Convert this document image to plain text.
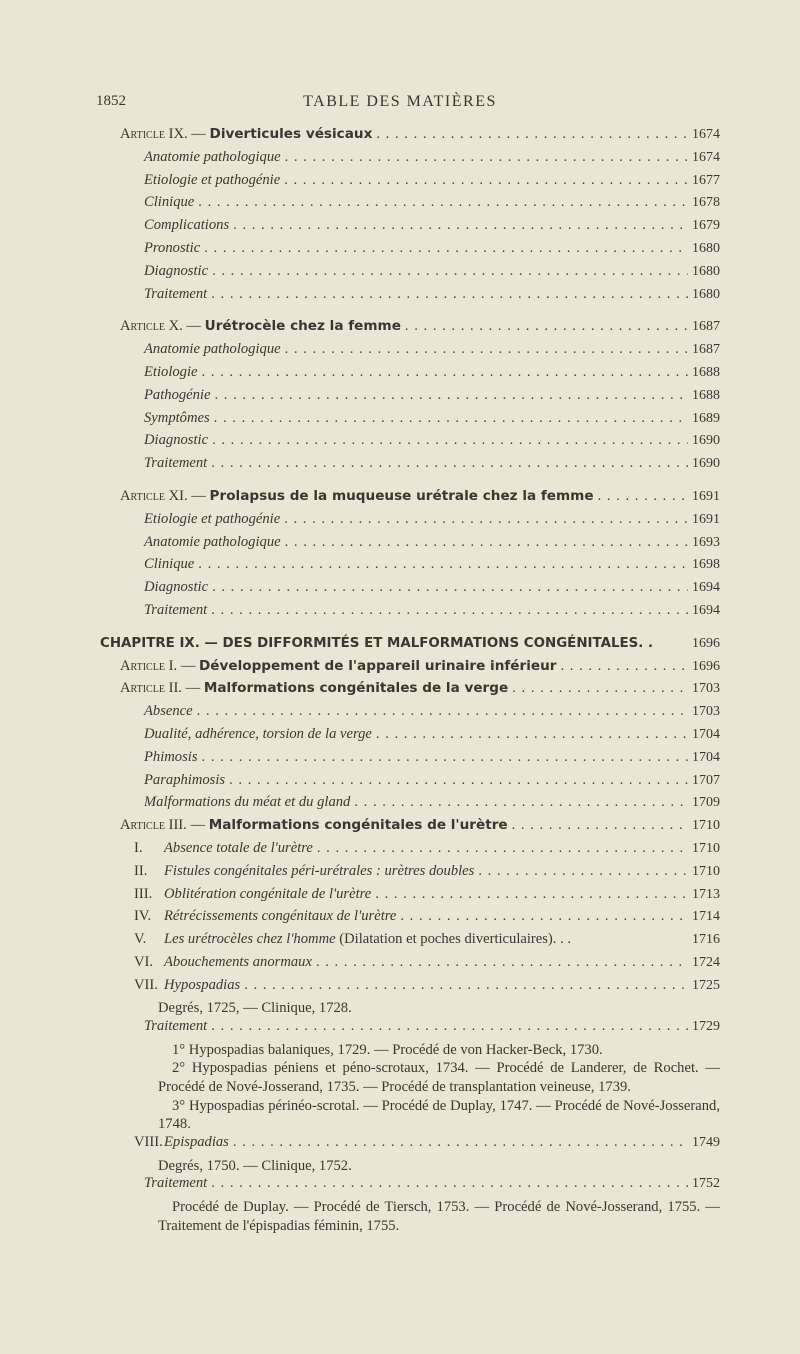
1852	TABLE DES MATIÈRES
Article IX. — Diverticules vésicaux . . .	1674
Anatomie pathologique . . .	1674
Etiologie et pathogénie . . .	1677
Clinique . . .	1678
Complications . . .	1679
Pronostic . . .	1680
Diagnostic . . .	1680
Traitement . . .	1680
Article X. — Urétrocèle chez la femme . . .	1687
Anatomie pathologique . . .	1687
Etiologie . . .	1688
Pathogénie . . .	1688
Symptômes . . .	1689
Diagnostic . . .	1690
Traitement . . .	1690
Article XI. — Prolapsus de la muqueuse urétrale chez la femme . . .	1691
Etiologie et pathogénie . . .	1691
Anatomie pathologique . . .	1693
Clinique . . .	1698
Diagnostic . . .	1694
Traitement . . .	1694
CHAPITRE IX. — DES DIFFORMITÉS ET MALFORMATIONS CONGÉNITALES. .	1696
Article I. — Développement de l'appareil urinaire inférieur . . .	1696
Article II. — Malformations congénitales de la verge . . .	1703
Absence . . .	1703
Dualité, adhérence, torsion de la verge . . .	1704
Phimosis . . .	1704
Paraphimosis . . .	1707
Malformations du méat et du gland . . .	1709
Article III. — Malformations congénitales de l'urètre . . .	1710
I.	Absence totale de l'urètre . . .	1710
II.	Fistules congénitales péri-urétrales : urètres doubles . . .	1710
III. Oblitération congénitale de l'urètre . . .	1713
IV. Rétrécissements congénitaux de l'urètre . . .	1714
V.	Les urétrocèles chez l'homme (Dilatation et poches diverticulaires). . .	1716
VI. Abouchements anormaux . . .	1724
VII. Hypospadias . . .	1725
Degrés, 1725, — Clinique, 1728.
Traitement . . .	1729
1° Hypospadias balaniques, 1729. — Procédé de von Hacker-Beck, 1730.
2° Hypospadias péniens et péno-scrotaux, 1734. — Procédé de Landerer, de Rochet. — Procédé de Nové-Josserand, 1735. — Procédé de transplantation veineuse, 1739.
3° Hypospadias périnéo-scrotal. — Procédé de Duplay, 1747. — Procédé de Nové-Josserand, 1748.
VIII. Epispadias . . .	1749
Degrés, 1750. — Clinique, 1752.
Traitement . . .	1752
Procédé de Duplay. — Procédé de Tiersch, 1753. — Procédé de Nové-Josserand, 1755. — Traitement de l'épispadias féminin, 1755.
